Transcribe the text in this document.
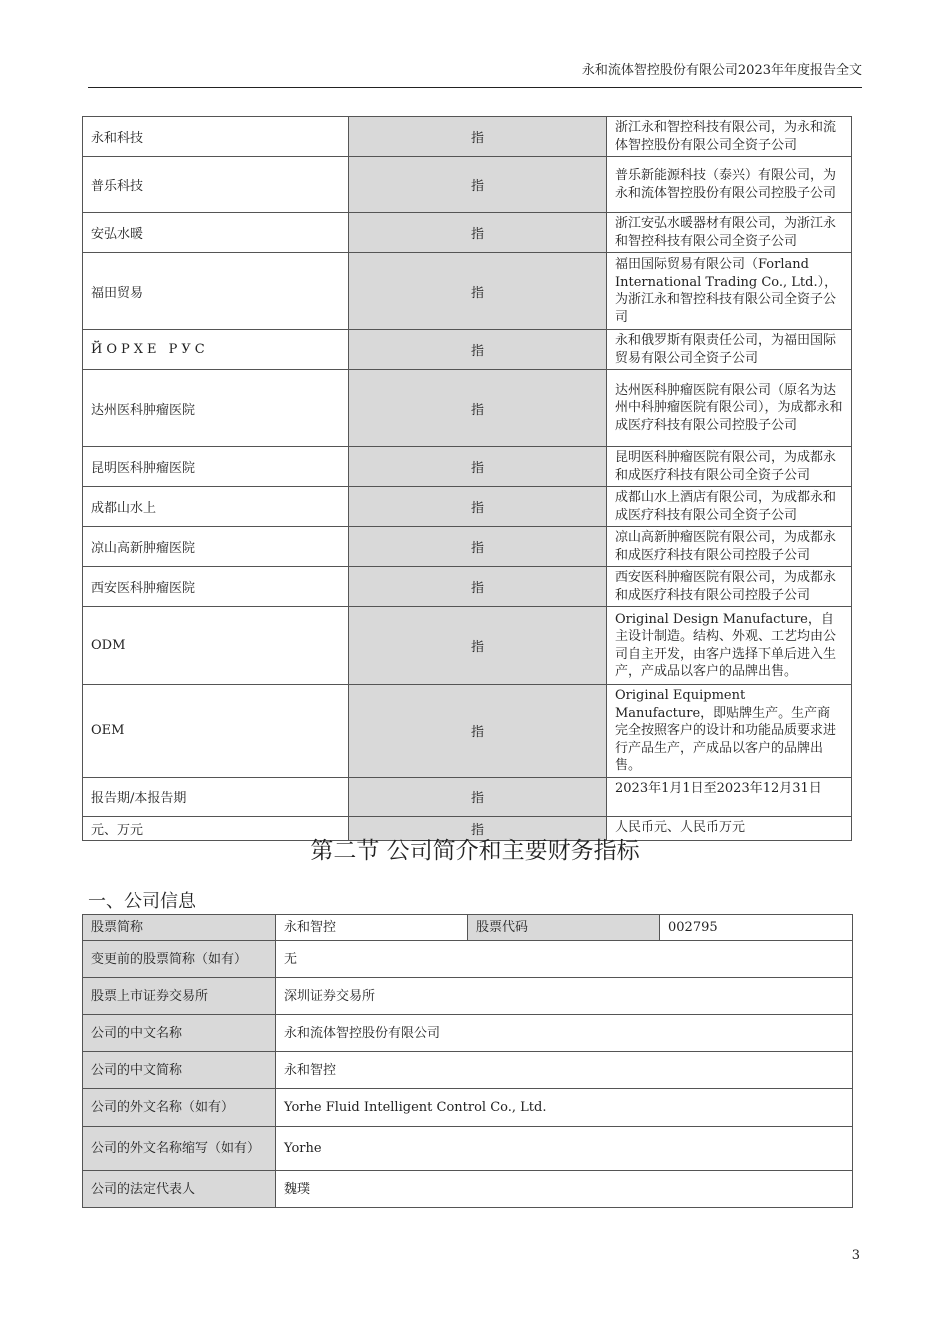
永和流体智控股份有限公司2023年年度报告全文
永和科技	指	浙江永和智控科技有限公司，为永和流体智控股份有限公司全资子公司
普乐科技	指	普乐新能源科技（泰兴）有限公司，为永和流体智控股份有限公司控股子公司
安弘水暖	指	浙江安弘水暖器材有限公司，为浙江永和智控科技有限公司全资子公司
福田贸易	指	福田国际贸易有限公司（Forland International Trading Co., Ltd.），为浙江永和智控科技有限公司全资子公司
ЙОРХЕ РУС	指	永和俄罗斯有限责任公司，为福田国际贸易有限公司全资子公司
达州医科肿瘤医院	指	达州医科肿瘤医院有限公司（原名为达州中科肿瘤医院有限公司），为成都永和成医疗科技有限公司控股子公司
昆明医科肿瘤医院	指	昆明医科肿瘤医院有限公司，为成都永和成医疗科技有限公司全资子公司
成都山水上	指	成都山水上酒店有限公司，为成都永和成医疗科技有限公司全资子公司
凉山高新肿瘤医院	指	凉山高新肿瘤医院有限公司，为成都永和成医疗科技有限公司控股子公司
西安医科肿瘤医院	指	西安医科肿瘤医院有限公司，为成都永和成医疗科技有限公司控股子公司
ODM	指	Original Design Manufacture，自主设计制造。结构、外观、工艺均由公司自主开发，由客户选择下单后进入生产，产成品以客户的品牌出售。
OEM	指	Original Equipment Manufacture，即贴牌生产。生产商完全按照客户的设计和功能品质要求进行产品生产，产成品以客户的品牌出售。
报告期/本报告期	指	2023年1月1日至2023年12月31日
元、万元	指	人民币元、人民币万元
第二节 公司简介和主要财务指标
一、公司信息
股票简称	永和智控	股票代码	002795
变更前的股票简称（如有）	无		
股票上市证券交易所	深圳证券交易所		
公司的中文名称	永和流体智控股份有限公司		
公司的中文简称	永和智控		
公司的外文名称（如有）	Yorhe Fluid Intelligent Control Co., Ltd.		
公司的外文名称缩写（如有）	Yorhe		
公司的法定代表人	魏璞		
3
